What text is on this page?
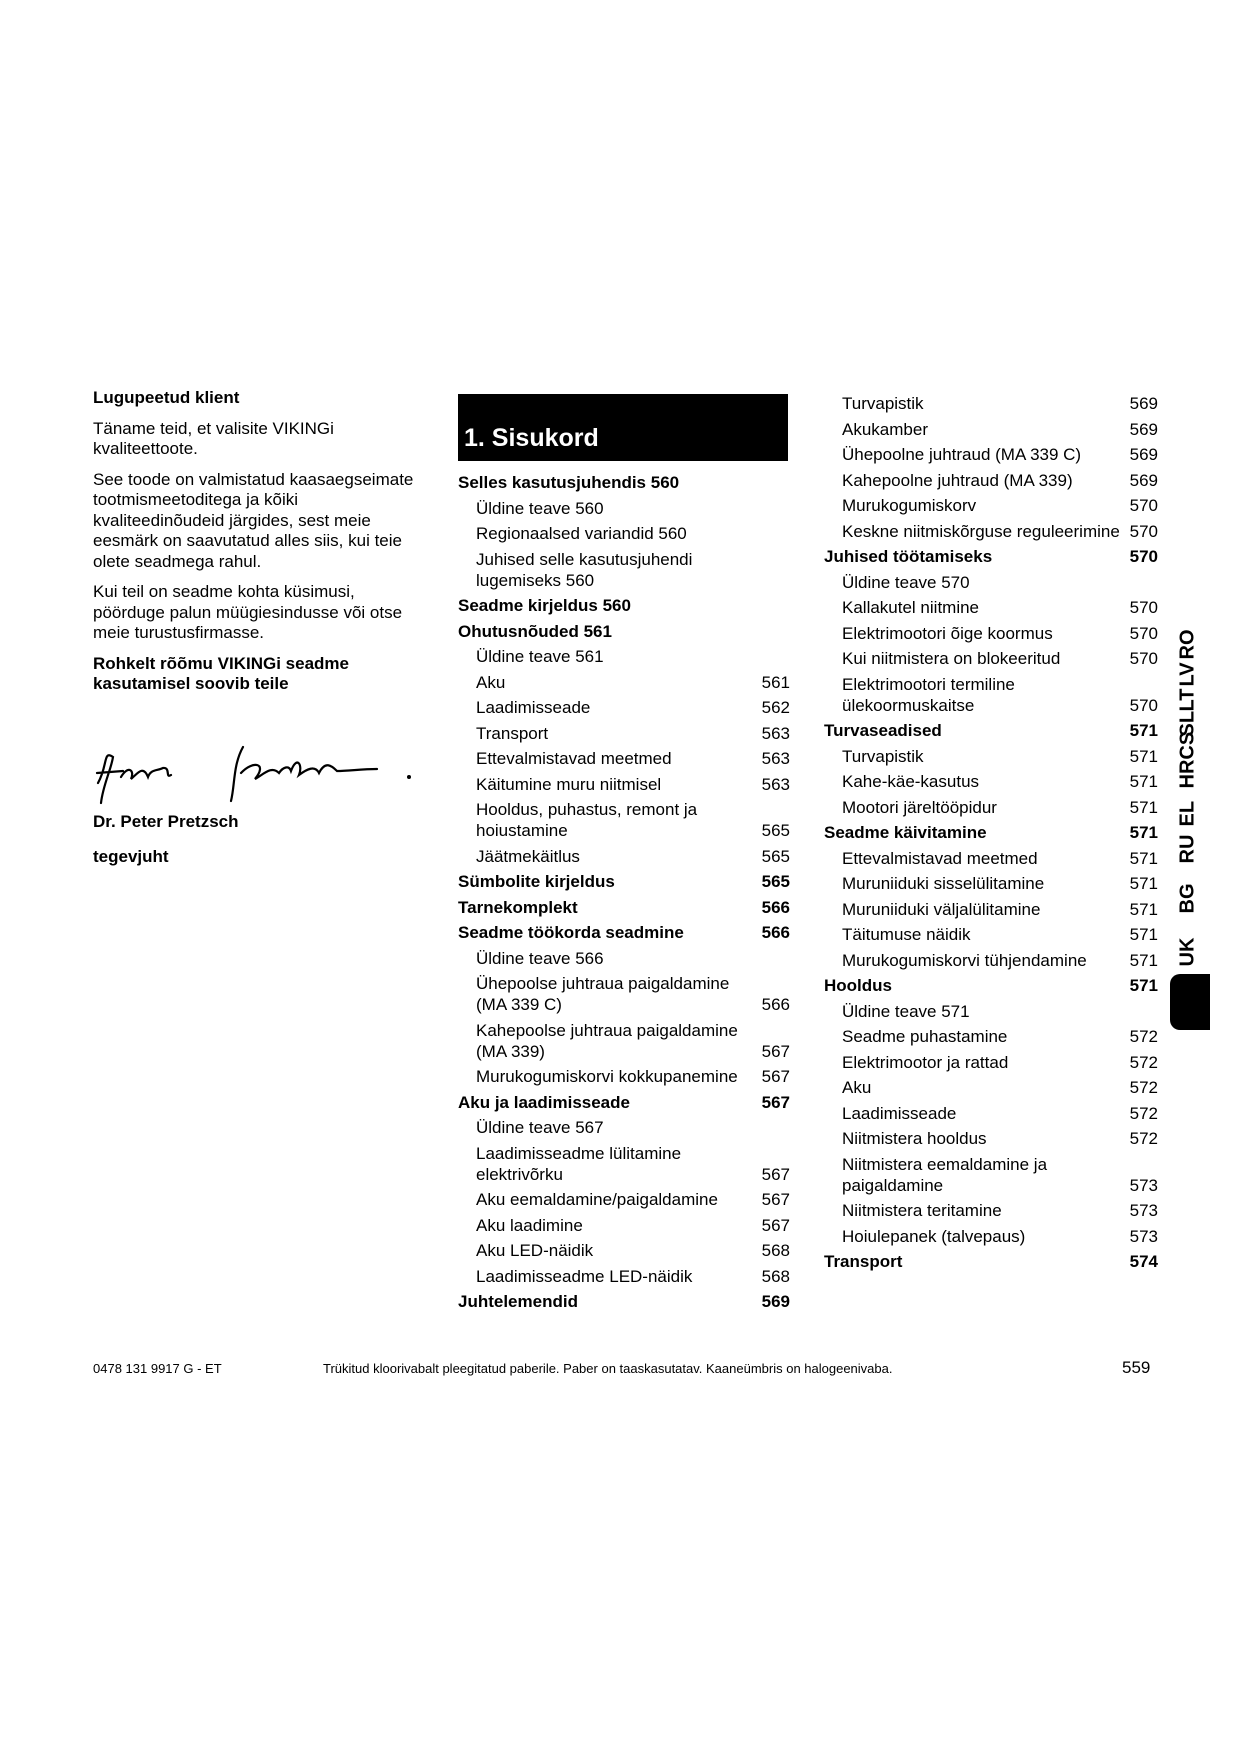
Lugupeetud klient

Täname teid, et valisite VIKINGi kvaliteettoote.

See toode on valmistatud kaasaegseimate tootmismeetoditega ja kõiki kvaliteedinõudeid järgides, sest meie eesmärk on saavutatud alles siis, kui teie olete seadmega rahul.

Kui teil on seadme kohta küsimusi, pöörduge palun müügiesindusse või otse meie turustusfirmasse.

Rohkelt rõõmu VIKINGi seadme kasutamisel soovib teile

Dr. Peter Pretzsch
tegevjuht
1. Sisukord
Selles kasutusjuhendis 560
Üldine teave 560
Regionaalsed variandid 560
Juhised selle kasutusjuhendi lugemiseks 560
Seadme kirjeldus 560
Ohutusnõuded 561
Üldine teave 561
Aku	561
Laadimisseade	562
Transport	563
Ettevalmistavad meetmed	563
Käitumine muru niitmisel	563
Hooldus, puhastus, remont ja hoiustamine	565
Jäätmekäitlus	565
Sümbolite kirjeldus	565
Tarnekomplekt	566
Seadme töökorda seadmine	566
Üldine teave 566
Ühepoolse juhtraua paigaldamine (MA 339 C)	566
Kahepoolse juhtraua paigaldamine (MA 339)	567
Murukogumiskorvi kokkupanemine	567
Aku ja laadimisseade	567
Üldine teave 567
Laadimisseadme lülitamine elektrivõrku	567
Aku eemaldamine/paigaldamine	567
Aku laadimine	567
Aku LED-näidik	568
Laadimisseadme LED-näidik	568
Juhtelemendid	569
Turvapistik	569
Akukamber	569
Ühepoolne juhtraud (MA 339 C)	569
Kahepoolne juhtraud (MA 339)	569
Murukogumiskorv	570
Keskne niitmiskõrguse reguleerimine 570
Juhised töötamiseks	570
Üldine teave 570
Kallakutel niitmine	570
Elektrimootori õige koormus	570
Kui niitmistera on blokeeritud	570
Elektrimootori termiline ülekoormuskaitse	570
Turvaseadised	571
Turvapistik	571
Kahe-käe-kasutus	571
Mootori järeltööpidur	571
Seadme käivitamine	571
Ettevalmistavad meetmed	571
Muruniiduki sisselülitamine	571
Muruniiduki väljalülitamine	571
Täitumuse näidik	571
Murukogumiskorvi tühjendamine	571
Hooldus	571
Üldine teave 571
Seadme puhastamine	572
Elektrimootor ja rattad	572
Aku	572
Laadimisseade	572
Niitmistera hooldus	572
Niitmistera eemaldamine ja paigaldamine	573
Niitmistera teritamine	573
Hoiulepanek (talvepaus)	573
Transport	574
RO
LV
LT
SL
HRCS
EL
RU
BG
UK
0478 131 9917 G - ET	Trükitud kloorivabalt pleegitatud paberile. Paber on taaskasutatav. Kaaneümbris on halogeenivaba.	559
